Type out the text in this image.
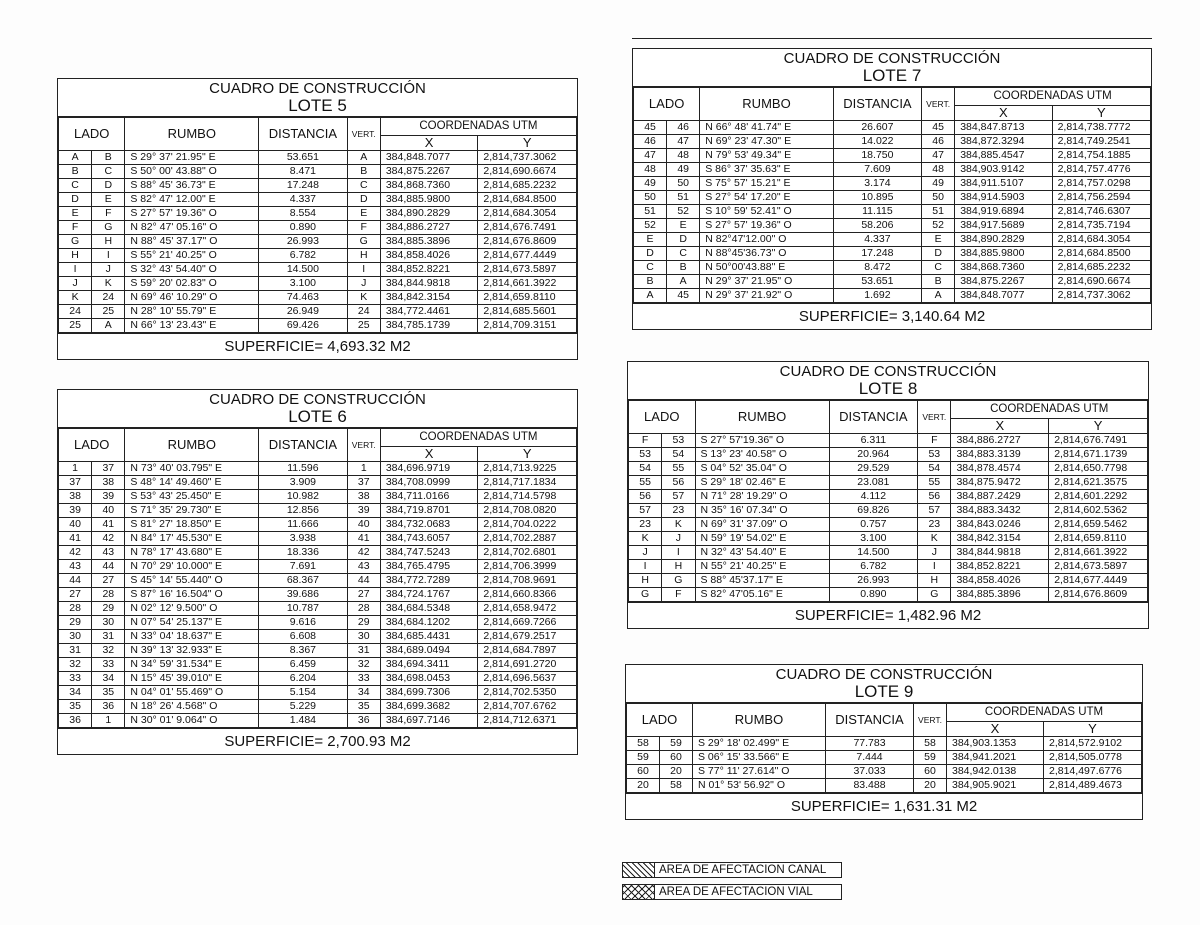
CUADRO DE CONSTRUCCIÓN
LOTE 5
LADO		RUMBO	DISTANCIA	VERT.	COORDENADAS UTM	
					X	Y
A	B	S 29° 37' 21.95" E	53.651	A	384,848.7077	2,814,737.3062
B	C	S 50° 00' 43.88" O	8.471	B	384,875.2267	2,814,690.6674
C	D	S 88° 45' 36.73" E	17.248	C	384,868.7360	2,814,685.2232
D	E	S 82° 47' 12.00" E	4.337	D	384,885.9800	2,814,684.8500
E	F	S 27° 57' 19.36" O	8.554	E	384,890.2829	2,814,684.3054
F	G	N 82° 47' 05.16" O	0.890	F	384,886.2727	2,814,676.7491
G	H	N 88° 45' 37.17" O	26.993	G	384,885.3896	2,814,676.8609
H	I	S 55° 21' 40.25" O	6.782	H	384,858.4026	2,814,677.4449
I	J	S 32° 43' 54.40" O	14.500	I	384,852.8221	2,814,673.5897
J	K	S 59° 20' 02.83" O	3.100	J	384,844.9818	2,814,661.3922
K	24	N 69° 46' 10.29" O	74.463	K	384,842.3154	2,814,659.8110
24	25	N 28° 10' 55.79" E	26.949	24	384,772.4461	2,814,685.5601
25	A	N 66° 13' 23.43" E	69.426	25	384,785.1739	2,814,709.3151
SUPERFICIE= 4,693.32 M2
CUADRO DE CONSTRUCCIÓN
LOTE 6
LADO		RUMBO	DISTANCIA	VERT.	COORDENADAS UTM	
					X	Y
1	37	N 73° 40' 03.795" E	11.596	1	384,696.9719	2,814,713.9225
37	38	S 48° 14' 49.460" E	3.909	37	384,708.0999	2,814,717.1834
38	39	S 53° 43' 25.450" E	10.982	38	384,711.0166	2,814,714.5798
39	40	S 71° 35' 29.730" E	12.856	39	384,719.8701	2,814,708.0820
40	41	S 81° 27' 18.850" E	11.666	40	384,732.0683	2,814,704.0222
41	42	N 84° 17' 45.530" E	3.938	41	384,743.6057	2,814,702.2887
42	43	N 78° 17' 43.680" E	18.336	42	384,747.5243	2,814,702.6801
43	44	N 70° 29' 10.000" E	7.691	43	384,765.4795	2,814,706.3999
44	27	S 45° 14' 55.440" O	68.367	44	384,772.7289	2,814,708.9691
27	28	S 87° 16' 16.504" O	39.686	27	384,724.1767	2,814,660.8366
28	29	N 02° 12' 9.500" O	10.787	28	384,684.5348	2,814,658.9472
29	30	N 07° 54' 25.137" E	9.616	29	384,684.1202	2,814,669.7266
30	31	N 33° 04' 18.637" E	6.608	30	384,685.4431	2,814,679.2517
31	32	N 39° 13' 32.933" E	8.367	31	384,689.0494	2,814,684.7897
32	33	N 34° 59' 31.534" E	6.459	32	384,694.3411	2,814,691.2720
33	34	N 15° 45' 39.010" E	6.204	33	384,698.0453	2,814,696.5637
34	35	N 04° 01' 55.469" O	5.154	34	384,699.7306	2,814,702.5350
35	36	N 18° 26' 4.568" O	5.229	35	384,699.3682	2,814,707.6762
36	1	N 30° 01' 9.064" O	1.484	36	384,697.7146	2,814,712.6371
SUPERFICIE= 2,700.93 M2
CUADRO DE CONSTRUCCIÓN
LOTE 7
LADO		RUMBO	DISTANCIA	VERT.	COORDENADAS UTM	
					X	Y
45	46	N 66° 48' 41.74" E	26.607	45	384,847.8713	2,814,738.7772
46	47	N 69° 23' 47.30" E	14.022	46	384,872.3294	2,814,749.2541
47	48	N 79° 53' 49.34" E	18.750	47	384,885.4547	2,814,754.1885
48	49	S 86° 37' 35.63" E	7.609	48	384,903.9142	2,814,757.4776
49	50	S 75° 57' 15.21" E	3.174	49	384,911.5107	2,814,757.0298
50	51	S 27° 54' 17.20" E	10.895	50	384,914.5903	2,814,756.2594
51	52	S 10° 59' 52.41" O	11.115	51	384,919.6894	2,814,746.6307
52	E	S 27° 57' 19.36" O	58.206	52	384,917.5689	2,814,735.7194
E	D	N 82°47'12.00" O	4.337	E	384,890.2829	2,814,684.3054
D	C	N 88°45'36.73" O	17.248	D	384,885.9800	2,814,684.8500
C	B	N 50°00'43.88" E	8.472	C	384,868.7360	2,814,685.2232
B	A	N 29° 37' 21.95" O	53.651	B	384,875.2267	2,814,690.6674
A	45	N 29° 37' 21.92" O	1.692	A	384,848.7077	2,814,737.3062
SUPERFICIE= 3,140.64 M2
CUADRO DE CONSTRUCCIÓN
LOTE 8
LADO		RUMBO	DISTANCIA	VERT.	COORDENADAS UTM	
					X	Y
F	53	S 27° 57'19.36" O	6.311	F	384,886.2727	2,814,676.7491
53	54	S 13° 23' 40.58" O	20.964	53	384,883.3139	2,814,671.1739
54	55	S 04° 52' 35.04" O	29.529	54	384,878.4574	2,814,650.7798
55	56	S 29° 18' 02.46" E	23.081	55	384,875.9472	2,814,621.3575
56	57	N 71° 28' 19.29" O	4.112	56	384,887.2429	2,814,601.2292
57	23	N 35° 16' 07.34" O	69.826	57	384,883.3432	2,814,602.5362
23	K	N 69° 31' 37.09" O	0.757	23	384,843.0246	2,814,659.5462
K	J	N 59° 19' 54.02" E	3.100	K	384,842.3154	2,814,659.8110
J	I	N 32° 43' 54.40" E	14.500	J	384,844.9818	2,814,661.3922
I	H	N 55° 21' 40.25" E	6.782	I	384,852.8221	2,814,673.5897
H	G	S 88° 45'37.17" E	26.993	H	384,858.4026	2,814,677.4449
G	F	S 82° 47'05.16" E	0.890	G	384,885.3896	2,814,676.8609
SUPERFICIE= 1,482.96 M2
CUADRO DE CONSTRUCCIÓN
LOTE 9
LADO		RUMBO	DISTANCIA	VERT.	COORDENADAS UTM	
					X	Y
58	59	S 29° 18' 02.499" E	77.783	58	384,903.1353	2,814,572.9102
59	60	S 06° 15' 33.566" E	7.444	59	384,941.2021	2,814,505.0778
60	20	S 77° 11' 27.614" O	37.033	60	384,942.0138	2,814,497.6776
20	58	N 01° 53' 56.92" O	83.488	20	384,905.9021	2,814,489.4673
SUPERFICIE= 1,631.31 M2
AREA DE AFECTACION CANAL
AREA DE AFECTACION VIAL
